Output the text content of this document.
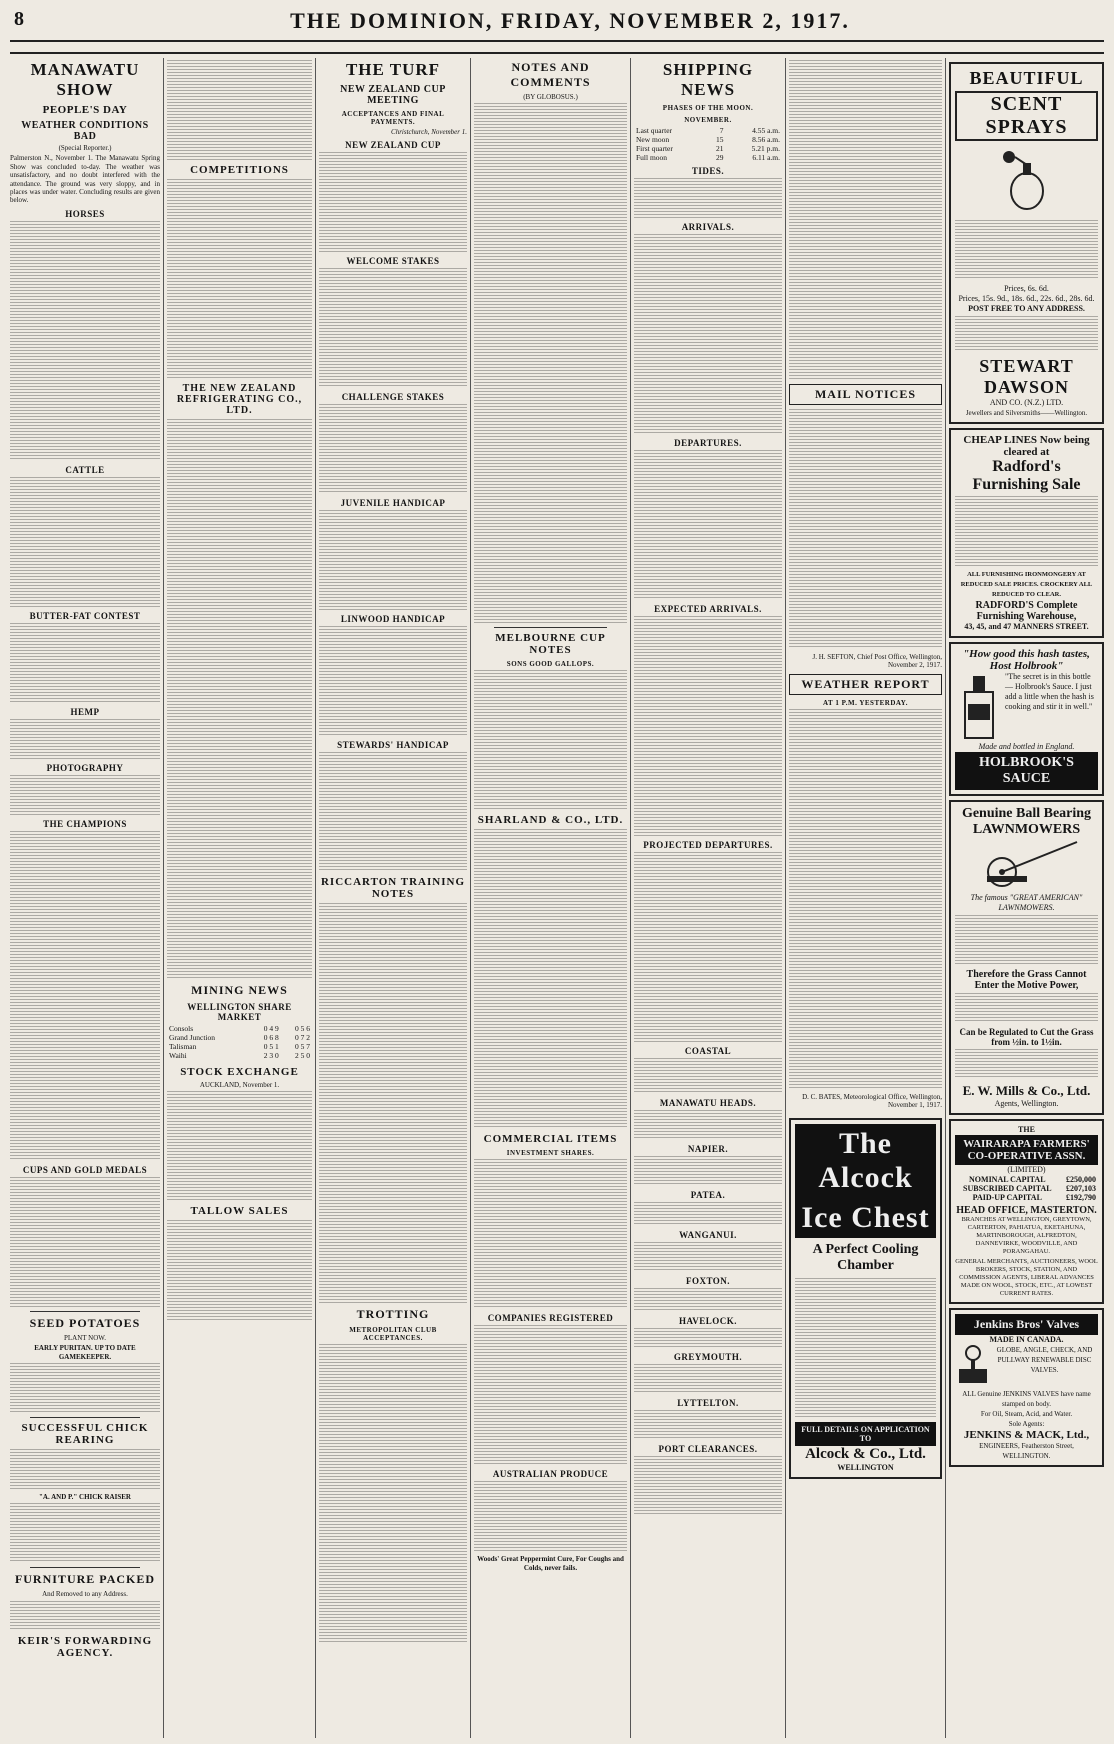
8	THE DOMINION, FRIDAY, NOVEMBER 2, 1917.
MANAWATU SHOW
PEOPLE'S DAY
WEATHER CONDITIONS BAD
(Special Reporter.)
Palmerston N., November 1. The Manawatu Spring Show was concluded to-day. The weather was unsatisfactory, and no doubt interfered with the attendance. The ground was very sloppy, and in places was under water. Concluding results are given below.
HORSES
CATTLE
BUTTER-FAT CONTEST
HEMP
PHOTOGRAPHY
THE CHAMPIONS
CUPS AND GOLD MEDALS
SEED POTATOES
PLANT NOW.
EARLY PURITAN. UP TO DATE GAMEKEEPER.
SUCCESSFUL CHICK REARING
"A. AND P." CHICK RAISER
FURNITURE PACKED
And Removed to any Address.
KEIR'S FORWARDING AGENCY.
COMPETITIONS
THE NEW ZEALAND REFRIGERATING CO., LTD.
MINING NEWS
WELLINGTON SHARE MARKET
Consols	0 4 9	0 5 6
Grand Junction	0 6 8	0 7 2
Talisman	0 5 1	0 5 7
Waihi	2 3 0	2 5 0
STOCK EXCHANGE
AUCKLAND, November 1.
TALLOW SALES
THE TURF
NEW ZEALAND CUP MEETING
ACCEPTANCES AND FINAL PAYMENTS.
Christchurch, November 1.
NEW ZEALAND CUP
WELCOME STAKES
CHALLENGE STAKES
JUVENILE HANDICAP
LINWOOD HANDICAP
STEWARDS' HANDICAP
RICCARTON TRAINING NOTES
TROTTING
METROPOLITAN CLUB ACCEPTANCES.
NOTES AND COMMENTS
(BY GLOBOSUS.)
MELBOURNE CUP NOTES
SONS GOOD GALLOPS.
SHARLAND & CO., LTD.
COMMERCIAL ITEMS
INVESTMENT SHARES.
COMPANIES REGISTERED
AUSTRALIAN PRODUCE
Woods' Great Peppermint Cure, For Coughs and Colds, never fails.
SHIPPING NEWS
PHASES OF THE MOON.
NOVEMBER.
Last quarter	7	4.55 a.m.
New moon	15	8.56 a.m.
First quarter	21	5.21 p.m.
Full moon	29	6.11 a.m.
TIDES.
ARRIVALS.
DEPARTURES.
EXPECTED ARRIVALS.
PROJECTED DEPARTURES.
COASTAL
MANAWATU HEADS.
NAPIER.
PATEA.
WANGANUI.
FOXTON.
HAVELOCK.
GREYMOUTH.
LYTTELTON.
PORT CLEARANCES.
MAIL NOTICES
J. H. SEFTON, Chief Post Office, Wellington, November 2, 1917.
WEATHER REPORT
AT 1 P.M. YESTERDAY.
D. C. BATES, Meteorological Office, Wellington, November 1, 1917.
The Alcock
Ice Chest
A Perfect Cooling Chamber
FULL DETAILS ON APPLICATION TO
Alcock & Co., Ltd.
WELLINGTON
BEAUTIFUL
SCENT SPRAYS
Prices, 6s. 6d.
Prices, 15s. 9d., 18s. 6d., 22s. 6d., 28s. 6d.
POST FREE TO ANY ADDRESS.
STEWART DAWSON
AND CO. (N.Z.) LTD.
Jewellers and Silversmiths——Wellington.
CHEAP LINES Now being cleared at
Radford's Furnishing Sale
ALL FURNISHING IRONMONGERY AT REDUCED SALE PRICES. CROCKERY ALL REDUCED TO CLEAR.
RADFORD'S Complete Furnishing Warehouse,
43, 45, and 47 MANNERS STREET.
"How good this hash tastes, Host Holbrook"
"The secret is in this bottle — Holbrook's Sauce. I just add a little when the hash is cooking and stir it in well."
Made and bottled in England.
HOLBROOK'S SAUCE
Genuine Ball Bearing LAWNMOWERS
The famous "GREAT AMERICAN" LAWNMOWERS.
Therefore the Grass Cannot Enter the Motive Power,
Can be Regulated to Cut the Grass from ½in. to 1½in.
E. W. Mills & Co., Ltd.
Agents, Wellington.
THE
WAIRARAPA FARMERS' CO-OPERATIVE ASSN.
(LIMITED)
NOMINAL CAPITAL	£250,000
SUBSCRIBED CAPITAL	£207,103
PAID-UP CAPITAL	£192,790
HEAD OFFICE, MASTERTON.
BRANCHES AT WELLINGTON, GREYTOWN, CARTERTON, PAHIATUA, EKETAHUNA, MARTINBOROUGH, ALFREDTON, DANNEVIRKE, WOODVILLE, AND PORANGAHAU.
GENERAL MERCHANTS, AUCTIONEERS, WOOL BROKERS, STOCK, STATION, AND COMMISSION AGENTS, LIBERAL ADVANCES MADE ON WOOL, STOCK, ETC., AT LOWEST CURRENT RATES.
Jenkins Bros' Valves
MADE IN CANADA.
GLOBE, ANGLE, CHECK, AND PULLWAY RENEWABLE DISC VALVES.
ALL Genuine JENKINS VALVES have name stamped on body.
For Oil, Steam, Acid, and Water.
Sole Agents:
JENKINS & MACK, Ltd.,
ENGINEERS, Featherston Street, WELLINGTON.
